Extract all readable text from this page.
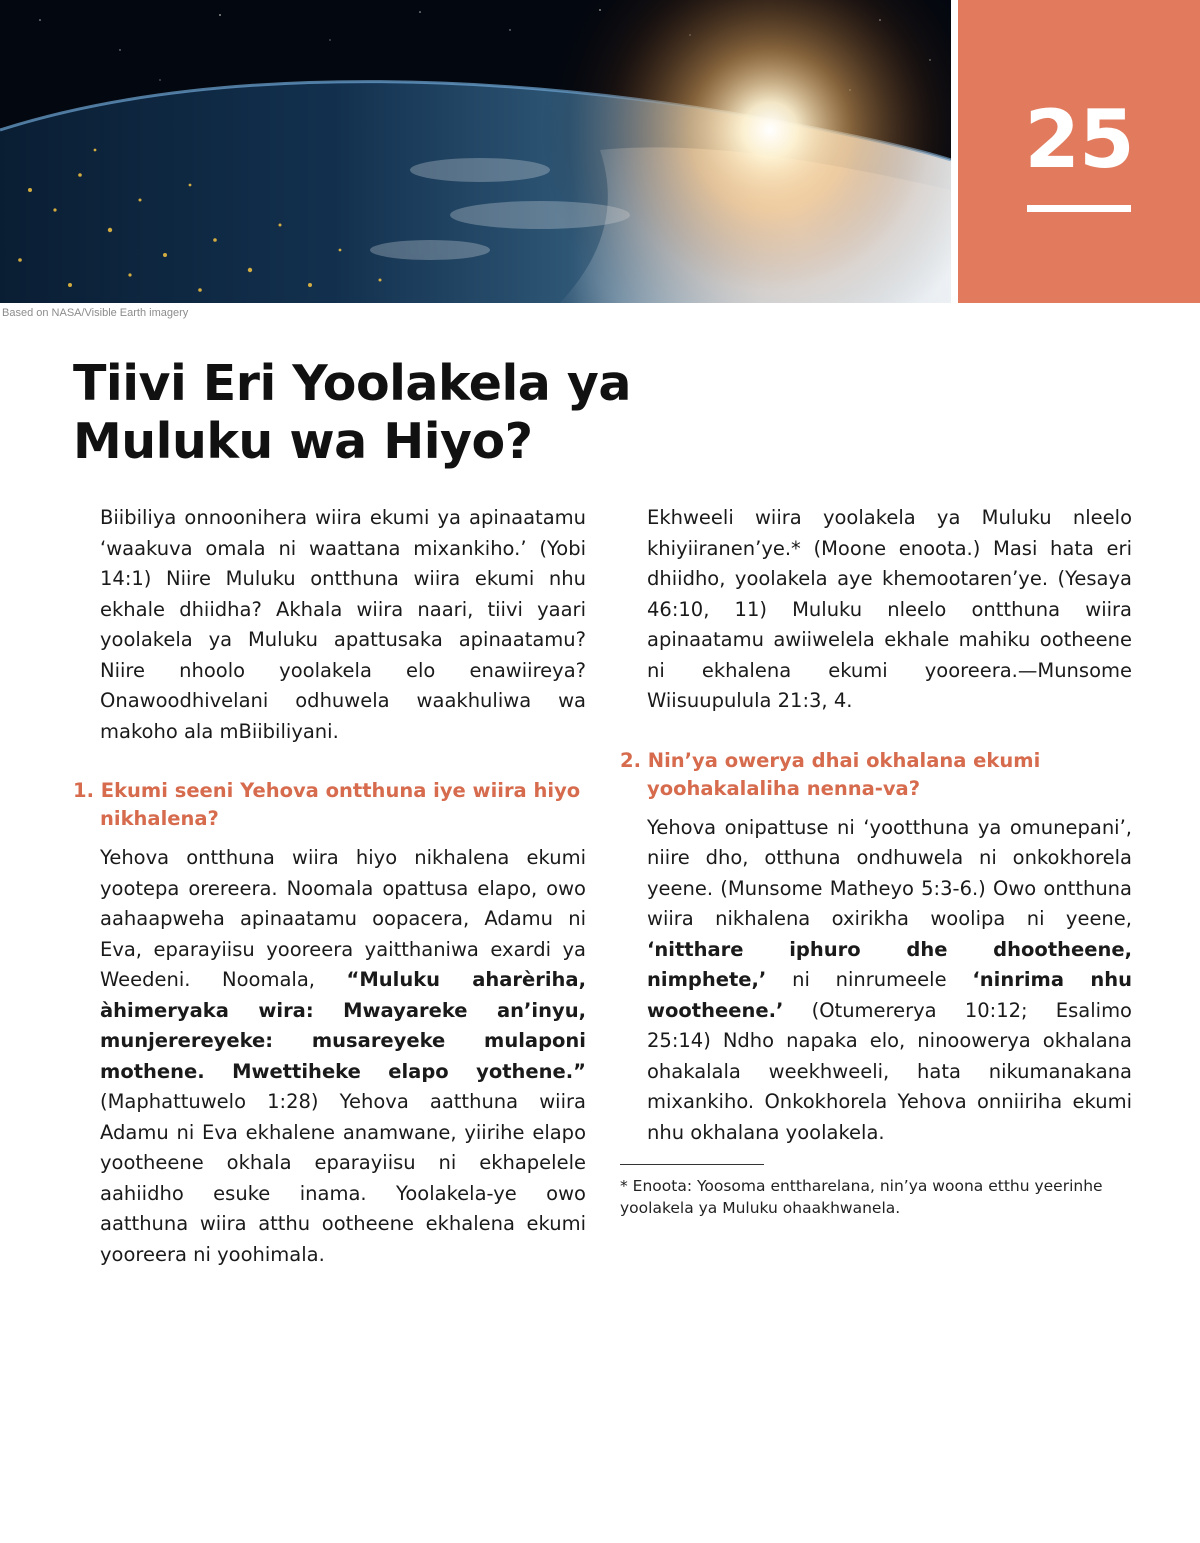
25
Based on NASA/Visible Earth imagery
Tiivi Eri Yoolakela ya Muluku wa Hiyo?

Biibiliya onnoonihera wiira ekumi ya apinaatamu ‘waakuva omala ni waattana mixankiho.’ (Yobi 14:1) Niire Muluku ontthuna wiira ekumi nhu ekhale dhiidha? Akhala wiira naari, tiivi yaari yoolakela ya Muluku apattusaka apinaatamu? Niire nhoolo yoolakela elo enawiireya? Onawoodhivelani odhuwela waakhuliwa wa makoho ala mBiibiliyani.

1. Ekumi seeni Yehova ontthuna iye wiira hiyo nikhalena?

Yehova ontthuna wiira hiyo nikhalena ekumi yootepa orereera. Noomala opattusa elapo, owo aahaapweha apinaatamu oopacera, Adamu ni Eva, eparayiisu yooreera yaitthaniwa exardi ya Weedeni. Noomala, “Muluku aharèriha, àhimeryaka wira: Mwayareke an’inyu, munjerereyeke: musareyeke mulaponi mothene. Mwettiheke elapo yothene.” (Maphattuwelo 1:28) Yehova aatthuna wiira Adamu ni Eva ekhalene anamwane, yiirihe elapo yootheene okhala eparayiisu ni ekhapelele aahiidho esuke inama. Yoolakela-ye owo aatthuna wiira atthu ootheene ekhalena ekumi yooreera ni yoohimala.

Ekhweeli wiira yoolakela ya Muluku nleelo khiyiiranen’ye.* (Moone enoota.) Masi hata eri dhiidho, yoolakela aye khemootaren’ye. (Yesaya 46:10, 11) Muluku nleelo ontthuna wiira apinaatamu awiiwelela ekhale mahiku ootheene ni ekhalena ekumi yooreera.—Munsome Wiisuupulula 21:3, 4.

2. Nin’ya owerya dhai okhalana ekumi yoohakalaliha nenna-va?

Yehova onipattuse ni ‘yootthuna ya omunepani’, niire dho, otthuna ondhuwela ni onkokhorela yeene. (Munsome Matheyo 5:3-6.) Owo ontthuna wiira nikhalena oxirikha woolipa ni yeene, ‘nitthare iphuro dhe dhootheene, nimphete,’ ni ninrumeele ‘ninrima nhu wootheene.’ (Otumererya 10:12; Esalimo 25:14) Ndho napaka elo, ninoowerya okhalana ohakalala weekhweeli, hata nikumanakana mixankiho. Onkokhorela Yehova onniiriha ekumi nhu okhalana yoolakela.

* Enoota: Yoosoma enttharelana, nin’ya woona etthu yeerinhe yoolakela ya Muluku ohaakhwanela.
